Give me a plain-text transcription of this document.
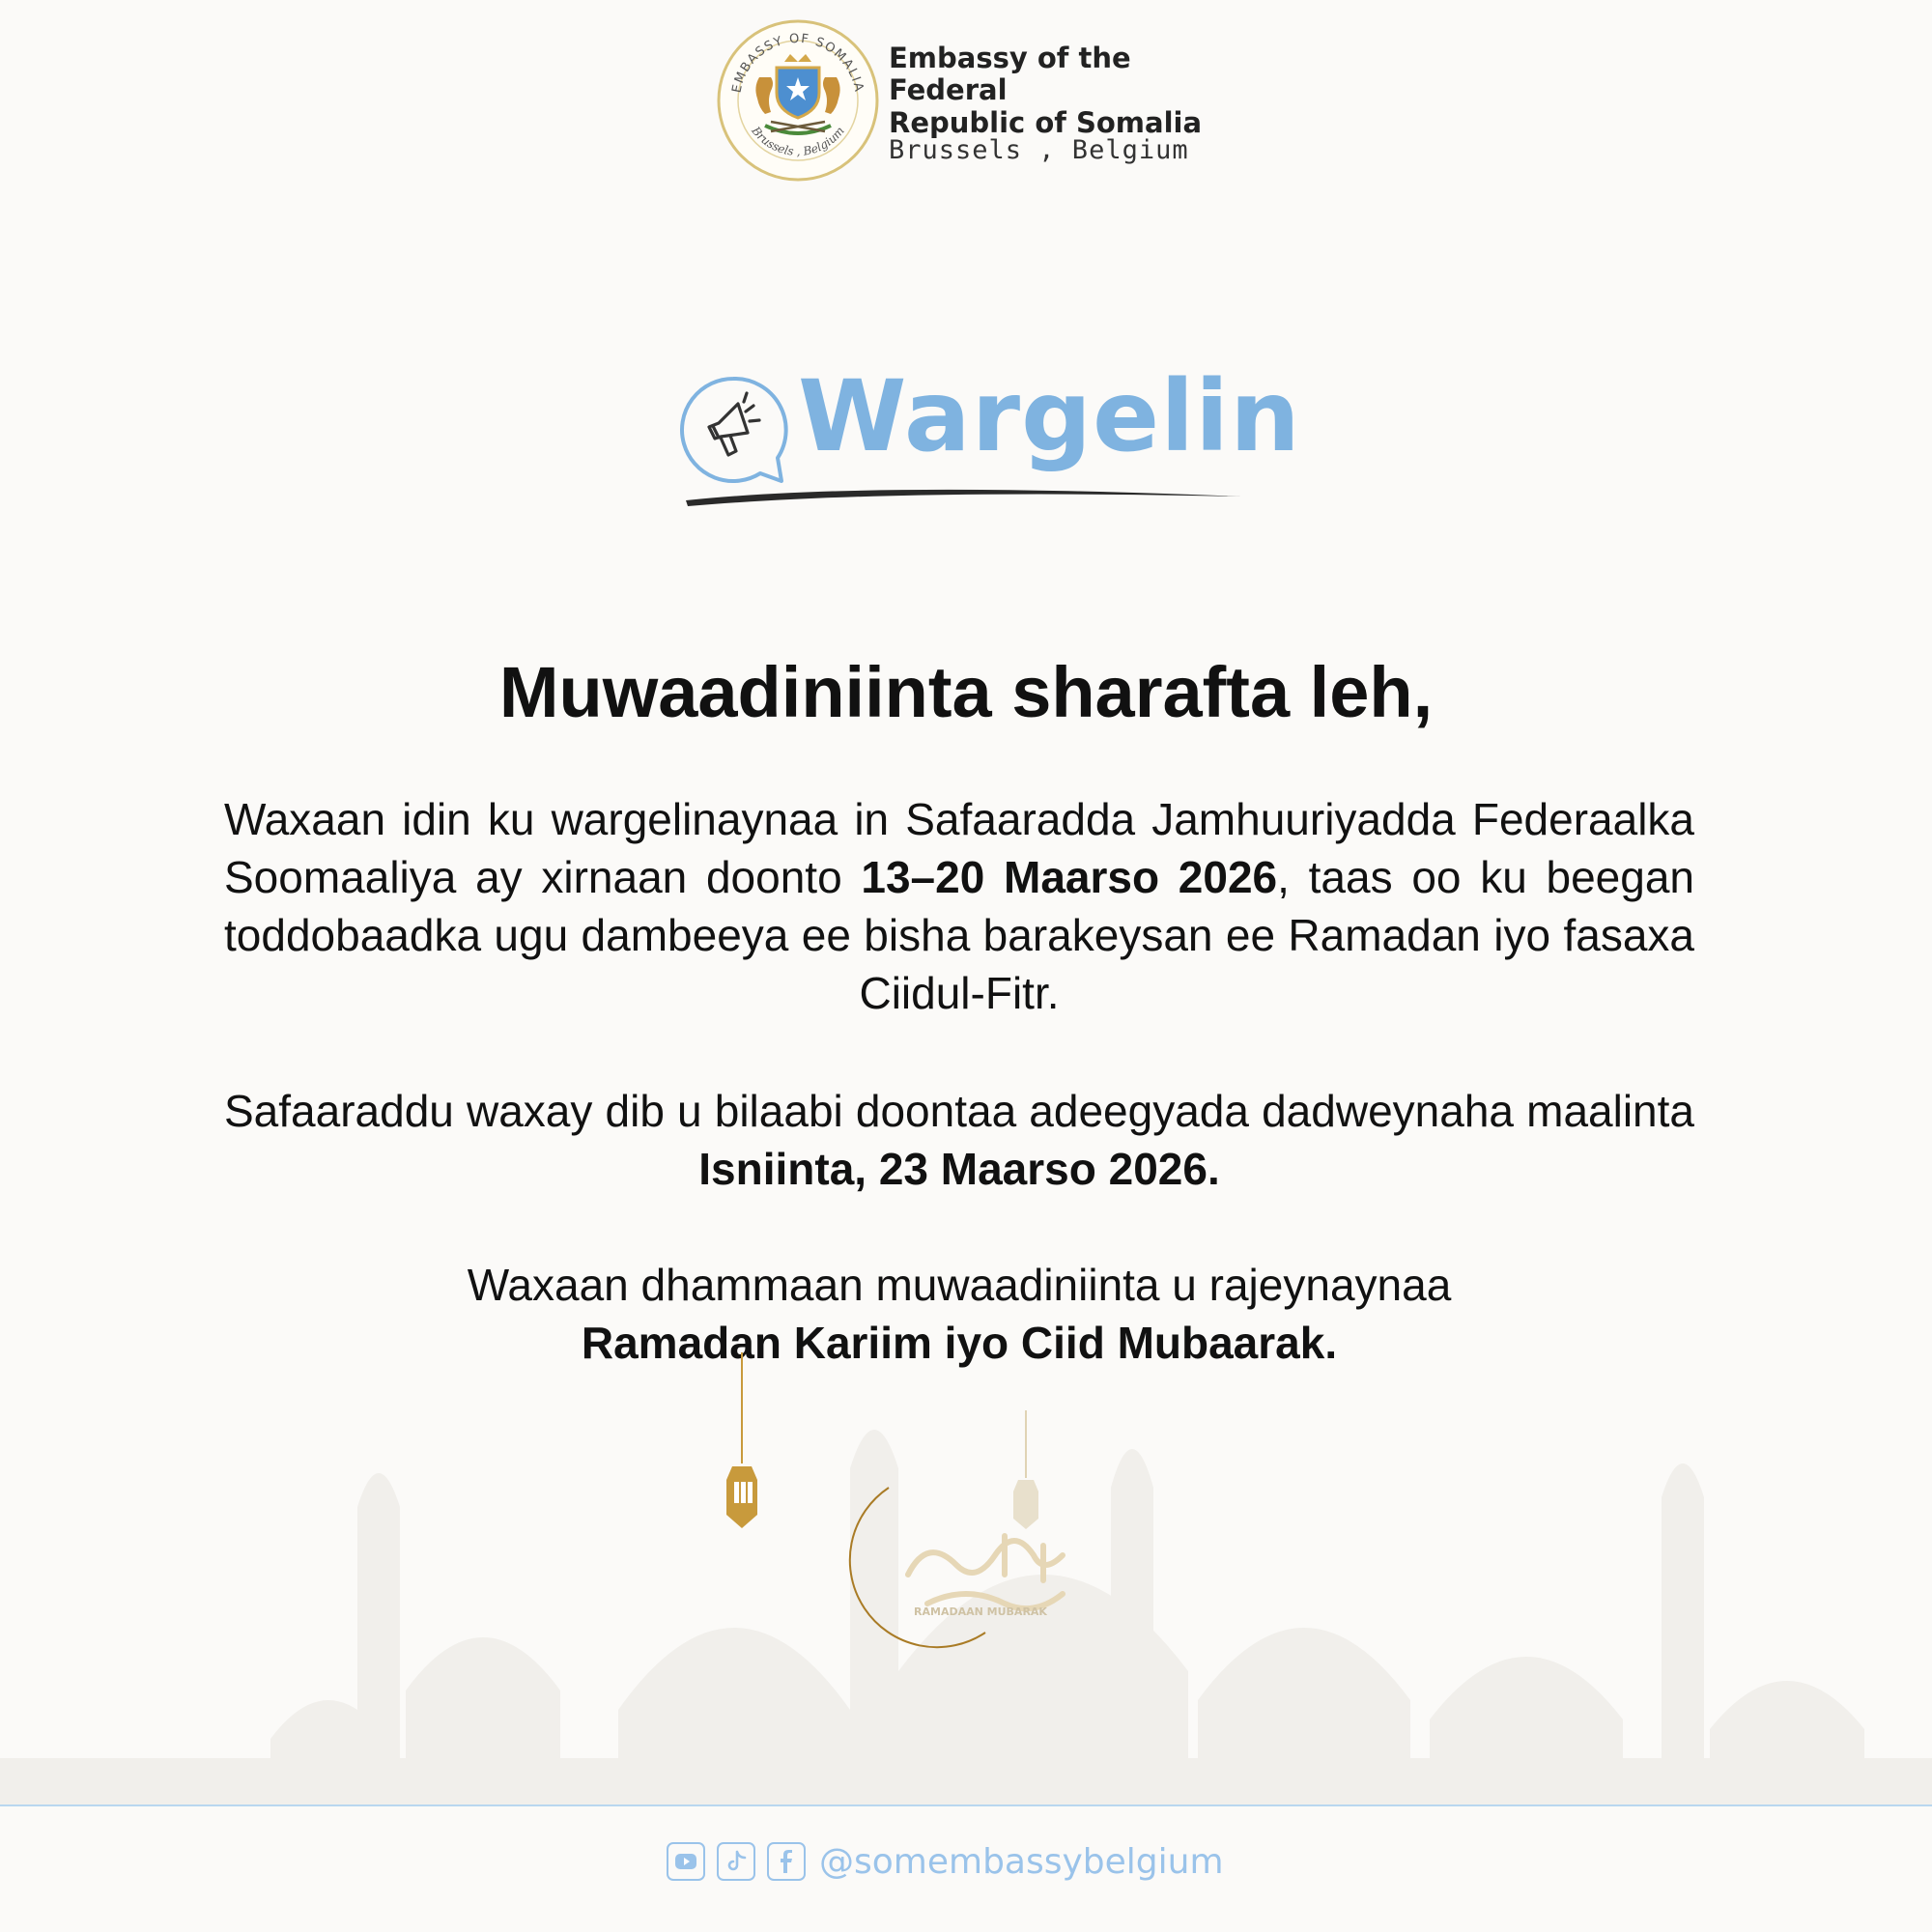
EMBASSY OF SOMALIA
Brussels , Belgium
Embassy of the Federal
Republic of Somalia
Brussels , Belgium
Wargelin
Muwaadiniinta sharafta leh,
Waxaan idin ku wargelinaynaa in Safaaradda Jamhuuriyadda Federaalka Soomaaliya ay xirnaan doonto 13–20 Maarso 2026, taas oo ku beegan toddobaadka ugu dambeeya ee bisha barakeysan ee Ramadan iyo fasaxa Ciidul-Fitr.
Safaaraddu waxay dib u bilaabi doontaa adeegyada dadweynaha maalinta Isniinta, 23 Maarso 2026.
Waxaan dhammaan muwaadiniinta u rajeynaynaa
Ramadan Kariim iyo Ciid Mubaarak.
RAMADAAN MUBARAK
@somembassybelgium
